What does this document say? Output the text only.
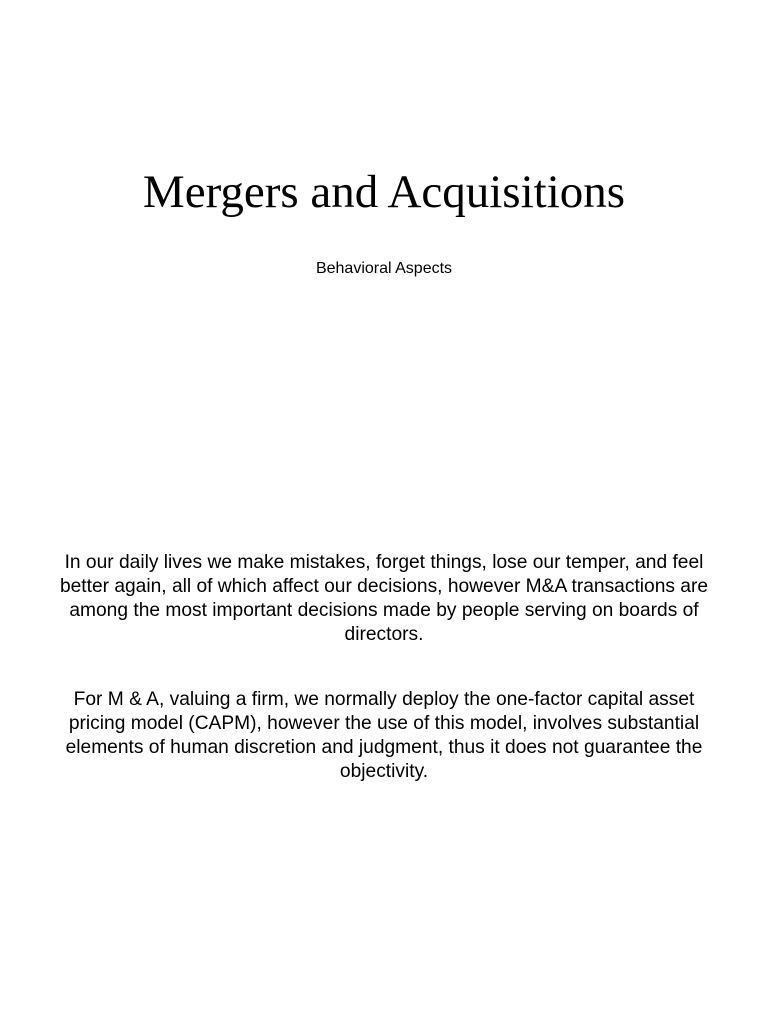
Mergers and Acquisitions

Behavioral Aspects

In our daily lives we make mistakes, forget things, lose our temper, and feel better again, all of which affect our decisions, however M&A transactions are among the most important decisions made by people serving on boards of directors.

For M & A, valuing a firm, we normally deploy the one-factor capital asset pricing model (CAPM), however the use of this model, involves substantial elements of human discretion and judgment, thus it does not guarantee the objectivity.
